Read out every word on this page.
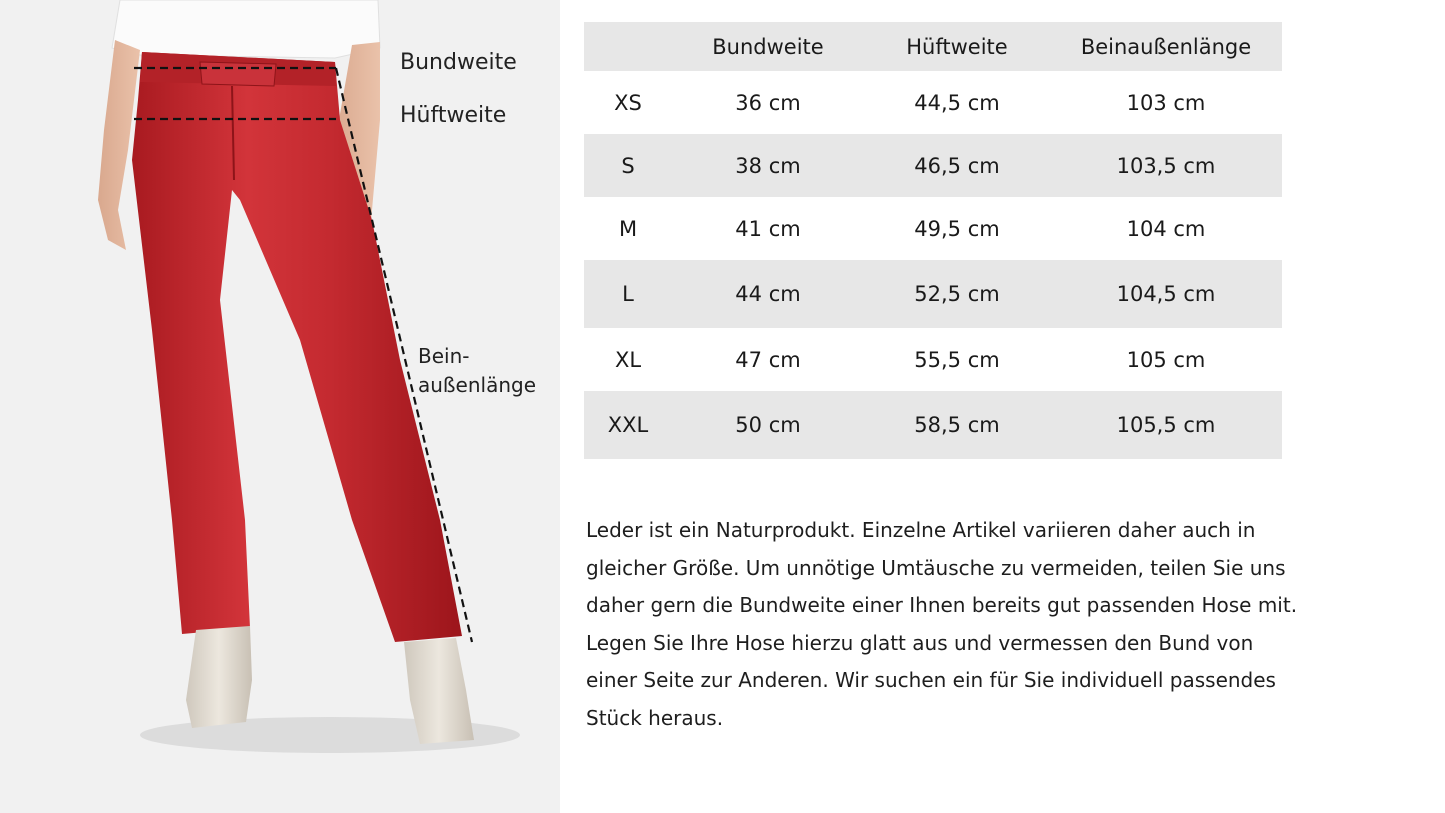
Bundweite
Hüftweite
Bein-
außenlänge
	Bundweite	Hüftweite	Beinaußenlänge
XS	36 cm	44,5 cm	103 cm
S	38 cm	46,5 cm	103,5 cm
M	41 cm	49,5 cm	104 cm
L	44 cm	52,5 cm	104,5 cm
XL	47 cm	55,5 cm	105 cm
XXL	50 cm	58,5 cm	105,5 cm

Leder ist ein Naturprodukt. Einzelne Artikel variieren daher auch in
gleicher Größe. Um unnötige Umtäusche zu vermeiden, teilen Sie uns
daher gern die Bundweite einer Ihnen bereits gut passenden Hose mit.
Legen Sie Ihre Hose hierzu glatt aus und vermessen den Bund von
einer Seite zur Anderen. Wir suchen ein für Sie individuell passendes
Stück heraus.
